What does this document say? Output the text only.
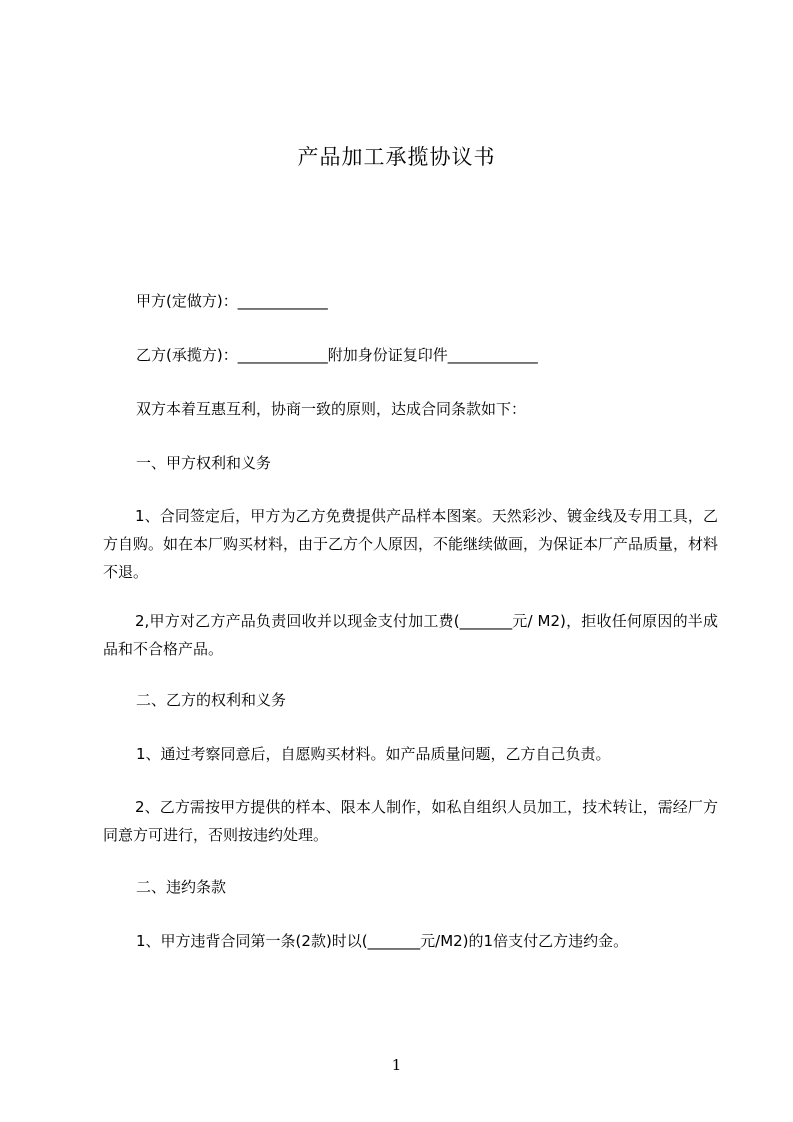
产品加工承揽协议书
甲方(定做方)：____________
乙方(承揽方)：____________附加身份证复印件____________
双方本着互惠互利，协商一致的原则，达成合同条款如下：
一、甲方权利和义务
1、合同签定后，甲方为乙方免费提供产品样本图案。天然彩沙、镀金线及专用工具，乙方自购。如在本厂购买材料，由于乙方个人原因，不能继续做画，为保证本厂产品质量，材料不退。
2,甲方对乙方产品负责回收并以现金支付加工费(_______元/ M2)，拒收任何原因的半成品和不合格产品。
二、乙方的权利和义务
1、通过考察同意后，自愿购买材料。如产品质量问题，乙方自己负责。
2、乙方需按甲方提供的样本、限本人制作，如私自组织人员加工，技术转让，需经厂方同意方可进行，否则按违约处理。
二、违约条款
1、甲方违背合同第一条(2款)时以(_______元/M2)的1倍支付乙方违约金。
1
